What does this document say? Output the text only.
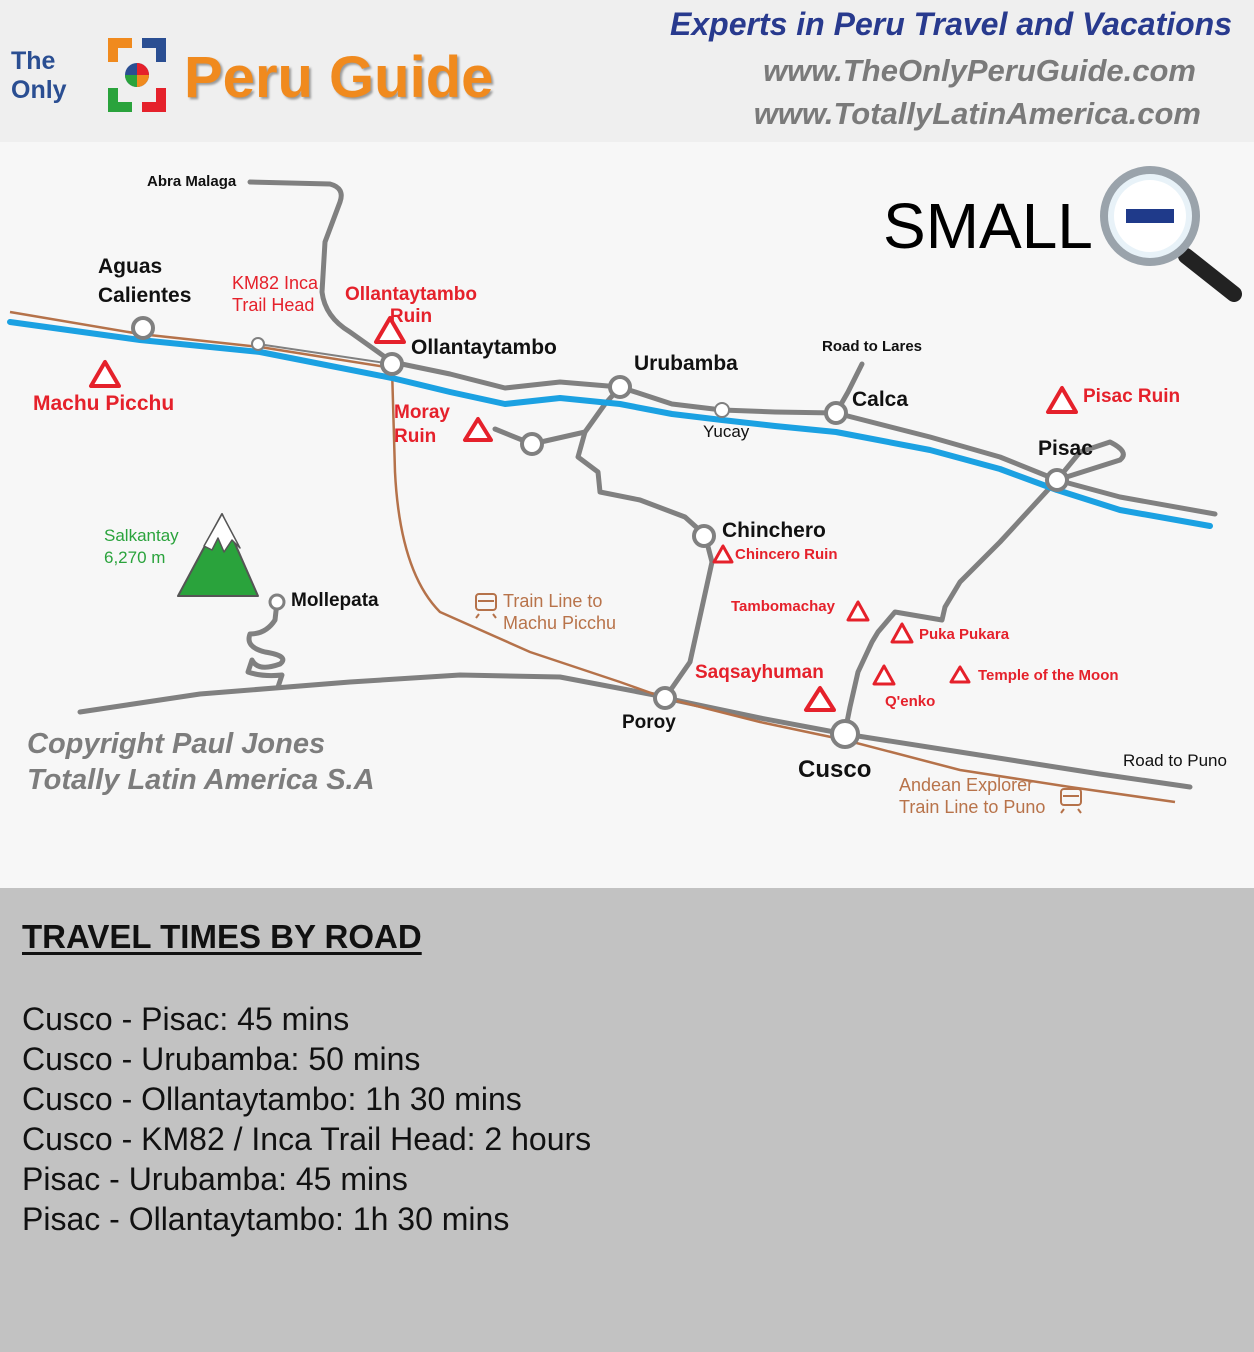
The
Only Peru Guide
Experts in Peru Travel and Vacations
www.TheOnlyPeruGuide.com
www.TotallyLatinAmerica.com
SMALL
Aguas Calientes
Machu Picchu
Abra Malaga
KM82 Inca Trail Head	Ollantaytambo Ruin
Ollantaytambo
Urubamba
Road to Lares
Calca
Yucay
Pisac Ruin
Pisac
Moray Ruin
Chinchero
Chincero Ruin
Salkantay
6,270 m
Mollepata	Train Line to Machu Picchu
Tambomachay
Puka Pukara
Saqsayhuman	Temple of the Moon
Q'enko
Poroy
Cusco	Road to Puno
Andean Explorer Train Line to Puno
Copyright Paul Jones
Totally Latin America S.A
TRAVEL TIMES BY ROAD
Cusco - Pisac: 45 mins
Cusco - Urubamba: 50 mins
Cusco - Ollantaytambo: 1h 30 mins
Cusco - KM82 / Inca Trail Head: 2 hours
Pisac - Urubamba: 45 mins
Pisac - Ollantaytambo: 1h 30 mins
